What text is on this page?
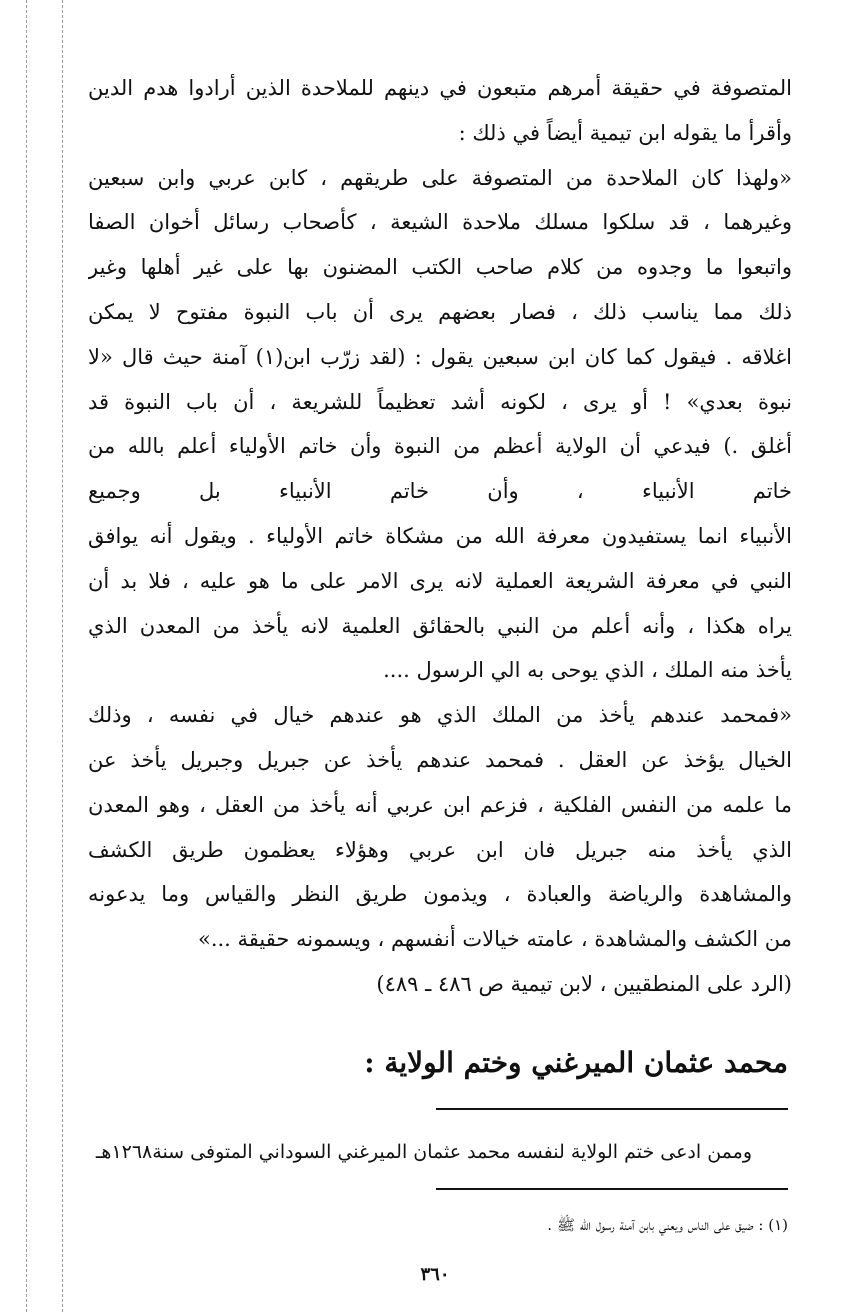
المتصوفة في حقيقة أمرهم متبعون في دينهم للملاحدة الذين أرادوا هدم الدين
وأقرأ ما يقوله ابن تيمية أيضاً في ذلك :
«ولهذا كان الملاحدة من المتصوفة على طريقهم ، كابن عربي وابن سبعين
وغيرهما ، قد سلكوا مسلك ملاحدة الشيعة ، كأصحاب رسائل أخوان الصفا
واتبعوا ما وجدوه من كلام صاحب الكتب المضنون بها على غير أهلها وغير
ذلك مما يناسب ذلك ، فصار بعضهم يرى أن باب النبوة مفتوح لا يمكن
اغلاقه . فيقول كما كان ابن سبعين يقول : (لقد زرّب ابن(١) آمنة حيث قال «لا
نبوة بعدي» ! أو يرى ، لكونه أشد تعظيماً للشريعة ، أن باب النبوة قد
أغلق .) فيدعي أن الولاية أعظم من النبوة وأن خاتم الأولياء أعلم بالله من
خاتم الأنبياء ، وأن خاتم الأنبياء بل وجميع
الأنبياء انما يستفيدون معرفة الله من مشكاة خاتم الأولياء . ويقول أنه يوافق
النبي في معرفة الشريعة العملية لانه يرى الامر على ما هو عليه ، فلا بد أن
يراه هكذا ، وأنه أعلم من النبي بالحقائق العلمية لانه يأخذ من المعدن الذي
يأخذ منه الملك ، الذي يوحى به الي الرسول ....
«فمحمد عندهم يأخذ من الملك الذي هو عندهم خيال في نفسه ، وذلك
الخيال يؤخذ عن العقل . فمحمد عندهم يأخذ عن جبريل وجبريل يأخذ عن
ما علمه من النفس الفلكية ، فزعم ابن عربي أنه يأخذ من العقل ، وهو المعدن
الذي يأخذ منه جبريل فان ابن عربي وهؤلاء يعظمون طريق الكشف
والمشاهدة والرياضة والعبادة ، ويذمون طريق النظر والقياس وما يدعونه
من الكشف والمشاهدة ، عامته خيالات أنفسهم ، ويسمونه حقيقة ...»
(الرد على المنطقيين ، لابن تيمية ص ٤٨٦ ـ ٤٨٩)
محمد عثمان الميرغني وختم الولاية :
وممن ادعى ختم الولاية لنفسه محمد عثمان الميرغني السوداني المتوفى سنة١٢٦٨هـ
(١) : ضيق على الناس ويعني بابن آمنة رسول الله ﷺ .
٣٦٠
